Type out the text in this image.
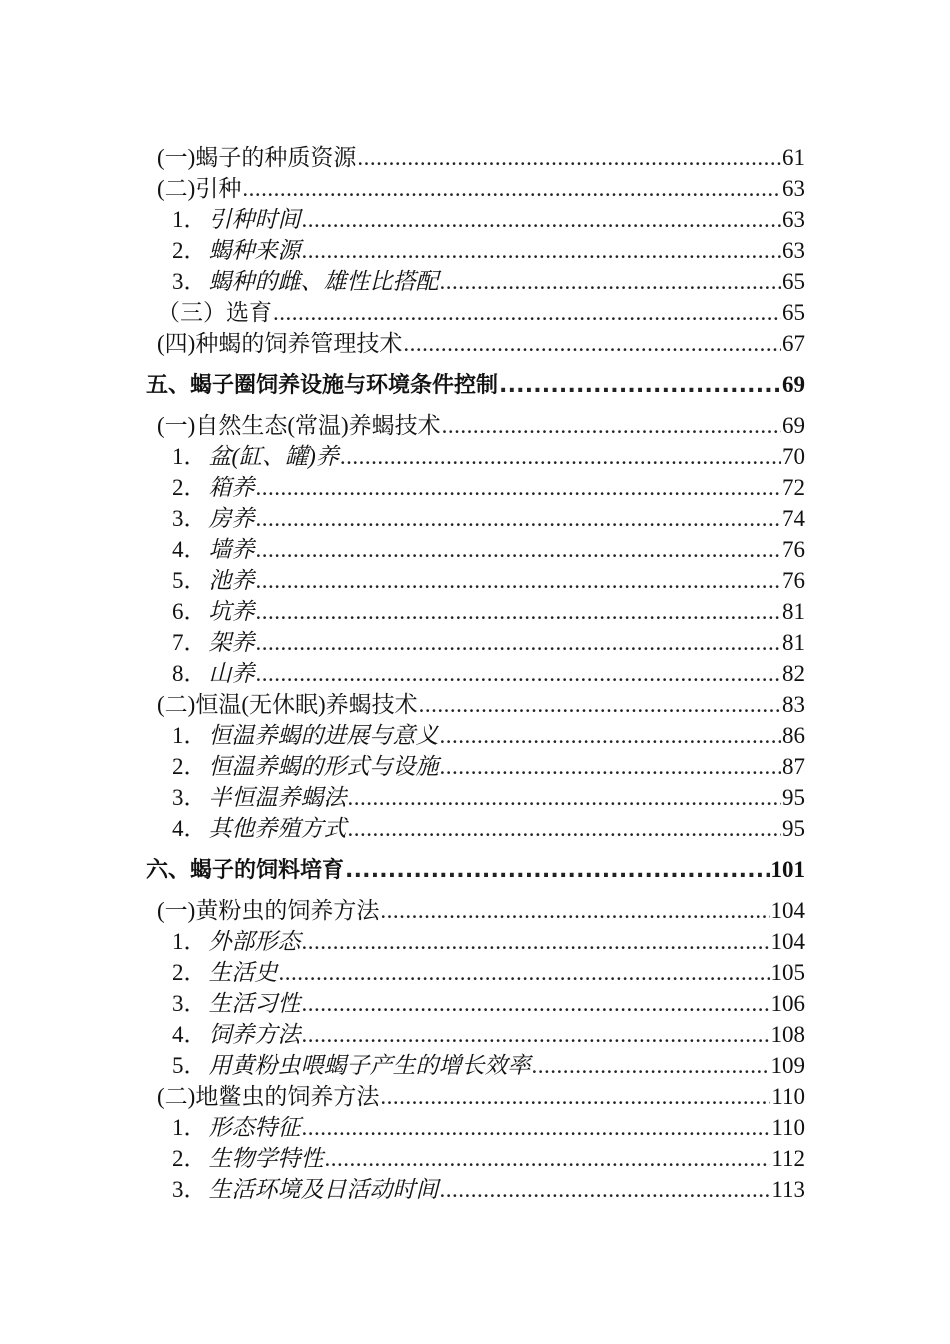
(一)蝎子的种质资源 .....	61
(二)引种 .....	63
1．引种时间 .....	63
2．蝎种来源 .....	63
3．蝎种的雌、雄性比搭配 .....	65
（三）选育 .....	65
(四)种蝎的饲养管理技术 .....	67
五、蝎子圈饲养设施与环境条件控制 .....	69
(一)自然生态(常温)养蝎技术 .....	69
1．盆(缸、罐)养 .....	70
2．箱养 .....	72
3．房养 .....	74
4．墙养 .....	76
5．池养 .....	76
6．坑养 .....	81
7．架养 .....	81
8．山养 .....	82
(二)恒温(无休眠)养蝎技术 .....	83
1．恒温养蝎的进展与意义 .....	86
2．恒温养蝎的形式与设施 .....	87
3．半恒温养蝎法 .....	95
4．其他养殖方式 .....	95
六、蝎子的饲料培育 .....	101
(一)黄粉虫的饲养方法 .....	104
1．外部形态 .....	104
2．生活史 .....	105
3．生活习性 .....	106
4．饲养方法 .....	108
5．用黄粉虫喂蝎子产生的增长效率 .....	109
(二)地鳖虫的饲养方法 .....	110
1．形态特征 .....	110
2．生物学特性 .....	112
3．生活环境及日活动时间 .....	113
